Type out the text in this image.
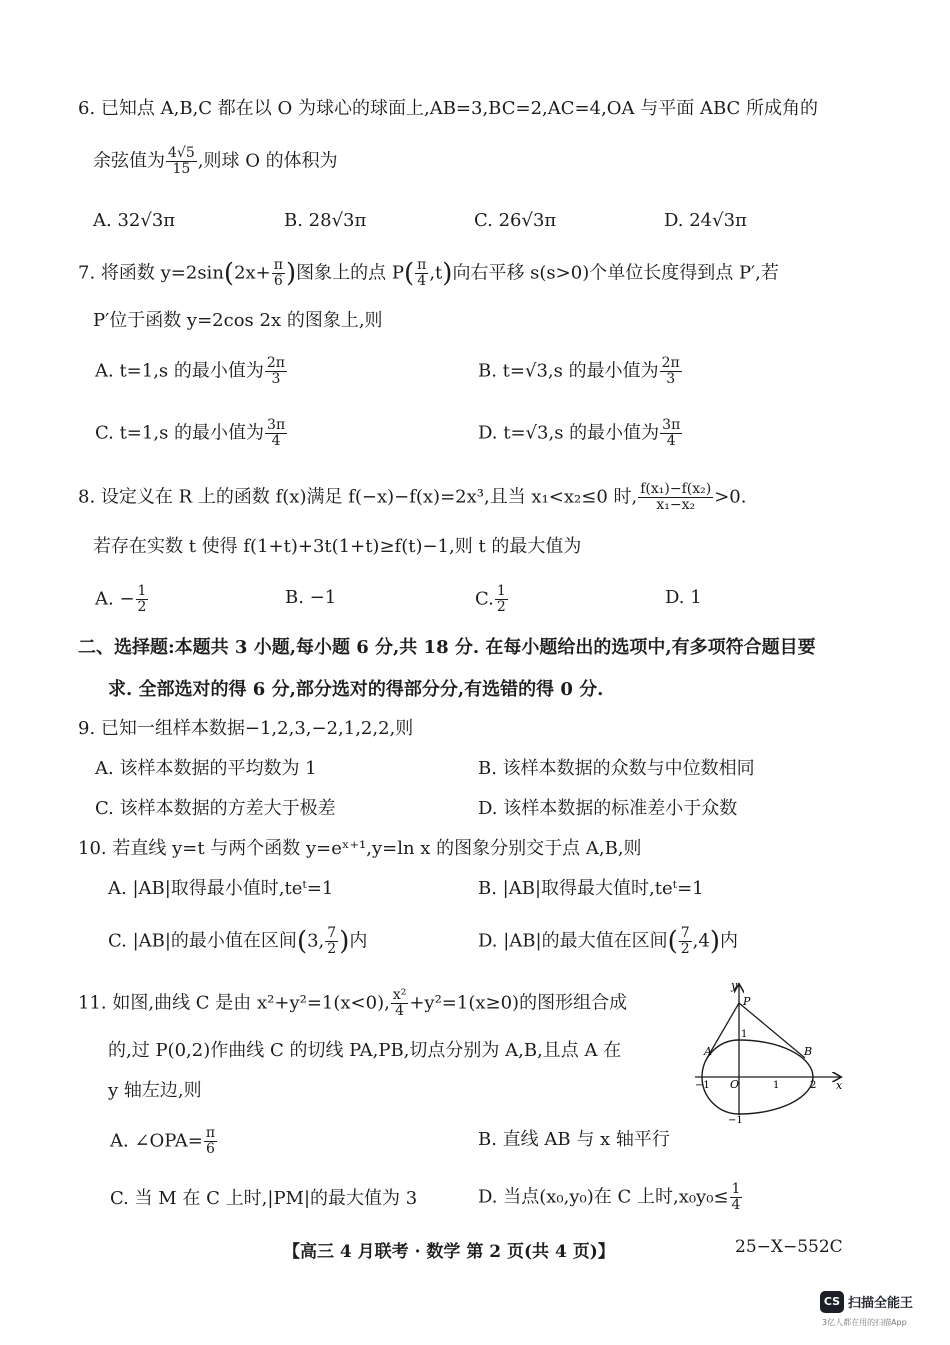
6. 已知点 A,B,C 都在以 O 为球心的球面上,AB=3,BC=2,AC=4,OA 与平面 ABC 所成角的
余弦值为 $\frac{4√5}{15}$ ,则球 O 的体积为
A. 32√3π	B. 28√3π	C. 26√3π	D. 24√3π
7. 将函数 $y=2\sin(2x+ \frac{\pi}{6}$ )图象上的点 $P( \frac{\pi}{4} ,t)$向右平移 s(s>0)个单位长度得到点 P′,若
P′位于函数 y=2cos 2x 的图象上,则
A. t=1,s 的最小值为 $\frac{2\pi}{3}$	B. t=√3,s 的最小值为 $\frac{2\pi}{3}$
C. t=1,s 的最小值为 $\frac{3\pi}{4}$	D. t=√3,s 的最小值为 $\frac{3\pi}{4}$
8. 设定义在 R 上的函数 f(x)满足 f(−x)−f(x)=2x³,且当 x₁<x₂≤0 时, $\frac{\text{f(x₁)−f(x₂)}}{\text{x₁−x₂}} >0$.
若存在实数 t 使得 f(1+t)+3t(1+t)≥f(t)−1,则 t 的最大值为
A. − $\frac{1}{2}$	B. −1	C. $\frac{1}{2}$	D. 1
二、选择题:本题共 3 小题,每小题 6 分,共 18 分. 在每小题给出的选项中,有多项符合题目要
求. 全部选对的得 6 分,部分选对的得部分分,有选错的得 0 分.
9. 已知一组样本数据−1,2,3,−2,1,2,2,则
A. 该样本数据的平均数为 1	B. 该样本数据的众数与中位数相同
C. 该样本数据的方差大于极差	D. 该样本数据的标准差小于众数
10. 若直线 y=t 与两个函数 y=eˣ⁺¹,y=ln x 的图象分别交于点 A,B,则
A. |AB|取得最小值时,teᵗ=1	B. |AB|取得最大值时,teᵗ=1
C. |AB|的最小值在区间(3, $\frac{7}{2}$ )内	D. |AB|的最大值在区间( $\frac{7}{2} ,4$)内
11. 如图,曲线 C 是由 x²+y²=1(x<0), $\frac{\text{x²}}{4} +y^2=1(x\ge 0)$的图形组合成
的,过 P(0,2)作曲线 C 的切线 PA,PB,切点分别为 A,B,且点 A 在
y 轴左边,则
A. ∠OPA= $\frac{\pi}{6}$	B. 直线 AB 与 x 轴平行
C. 当 M 在 C 上时,|PM|的最大值为 3	D. 当点(x₀,y₀)在 C 上时$,x_0y_0\le \frac{1}{4}$
y
x
P
A	B
O
−1	1	2
1
−1
【高三 4 月联考 · 数学 第 2 页(共 4 页)】	25−X−552C
CS 扫描全能王
3亿人都在用的扫描App
